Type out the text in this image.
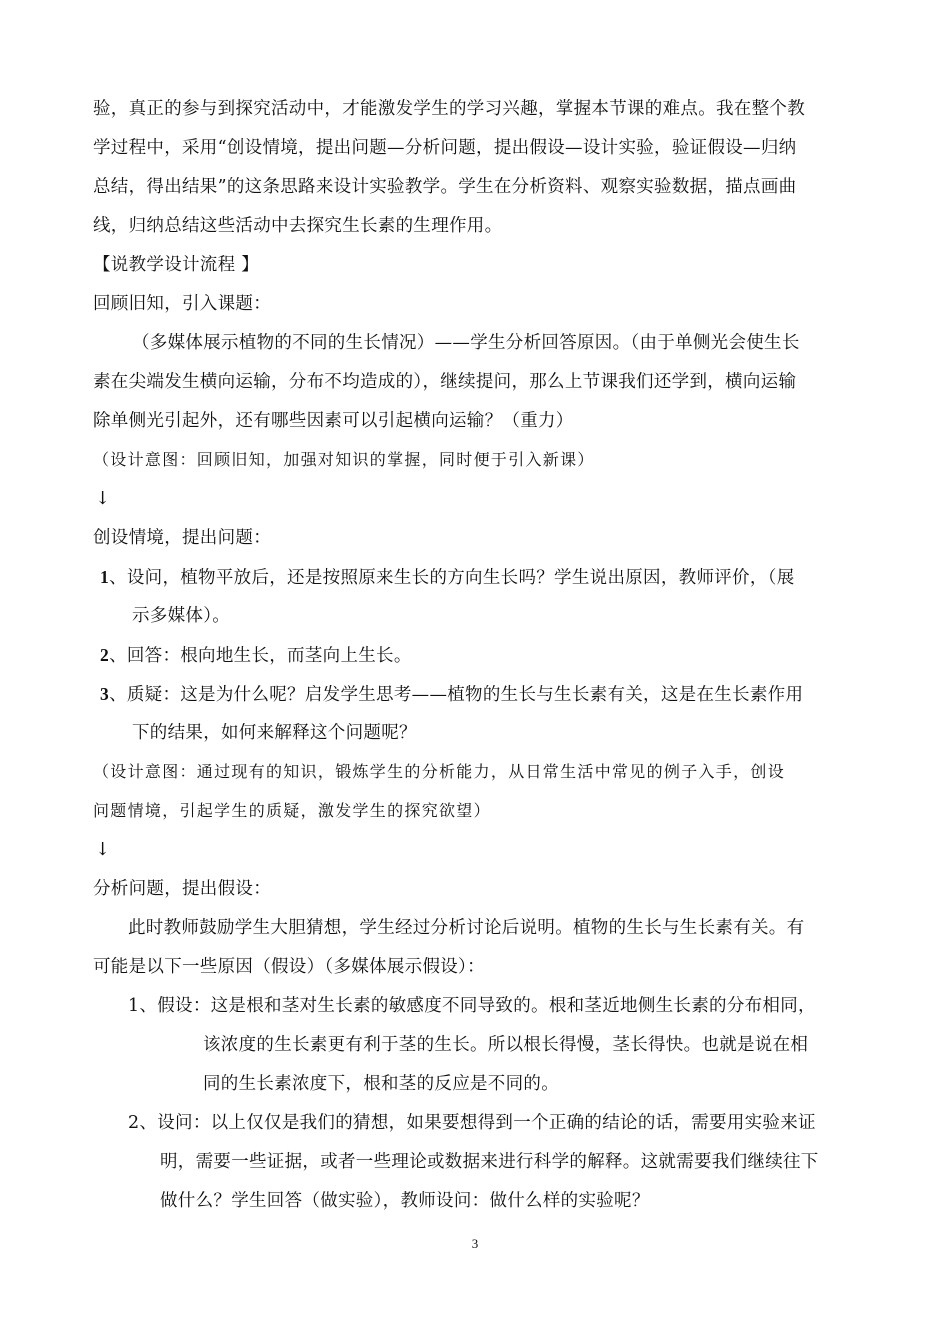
验，真正的参与到探究活动中，才能激发学生的学习兴趣，掌握本节课的难点。我在整个教
学过程中，采用“创设情境，提出问题—分析问题，提出假设—设计实验，验证假设—归纳
总结，得出结果”的这条思路来设计实验教学。学生在分析资料、观察实验数据，描点画曲
线，归纳总结这些活动中去探究生长素的生理作用。
【说教学设计流程 】
回顾旧知，引入课题：
（多媒体展示植物的不同的生长情况）——学生分析回答原因。（由于单侧光会使生长
素在尖端发生横向运输，分布不均造成的），继续提问，那么上节课我们还学到，横向运输
除单侧光引起外，还有哪些因素可以引起横向运输？（重力）
（设计意图：回顾旧知，加强对知识的掌握，同时便于引入新课）
↓
创设情境，提出问题：
1、设问，植物平放后，还是按照原来生长的方向生长吗？学生说出原因，教师评价，（展
示多媒体）。
2、回答：根向地生长，而茎向上生长。
3、质疑：这是为什么呢？启发学生思考——植物的生长与生长素有关，这是在生长素作用
下的结果，如何来解释这个问题呢？
（设计意图：通过现有的知识，锻炼学生的分析能力，从日常生活中常见的例子入手，创设
问题情境，引起学生的质疑，激发学生的探究欲望）
↓
分析问题，提出假设：
此时教师鼓励学生大胆猜想，学生经过分析讨论后说明。植物的生长与生长素有关。有
可能是以下一些原因（假设）（多媒体展示假设）：
1、假设：这是根和茎对生长素的敏感度不同导致的。根和茎近地侧生长素的分布相同，
该浓度的生长素更有利于茎的生长。所以根长得慢，茎长得快。也就是说在相
同的生长素浓度下，根和茎的反应是不同的。
2、设问：以上仅仅是我们的猜想，如果要想得到一个正确的结论的话，需要用实验来证
明，需要一些证据，或者一些理论或数据来进行科学的解释。这就需要我们继续往下
做什么？学生回答（做实验），教师设问：做什么样的实验呢？
3
